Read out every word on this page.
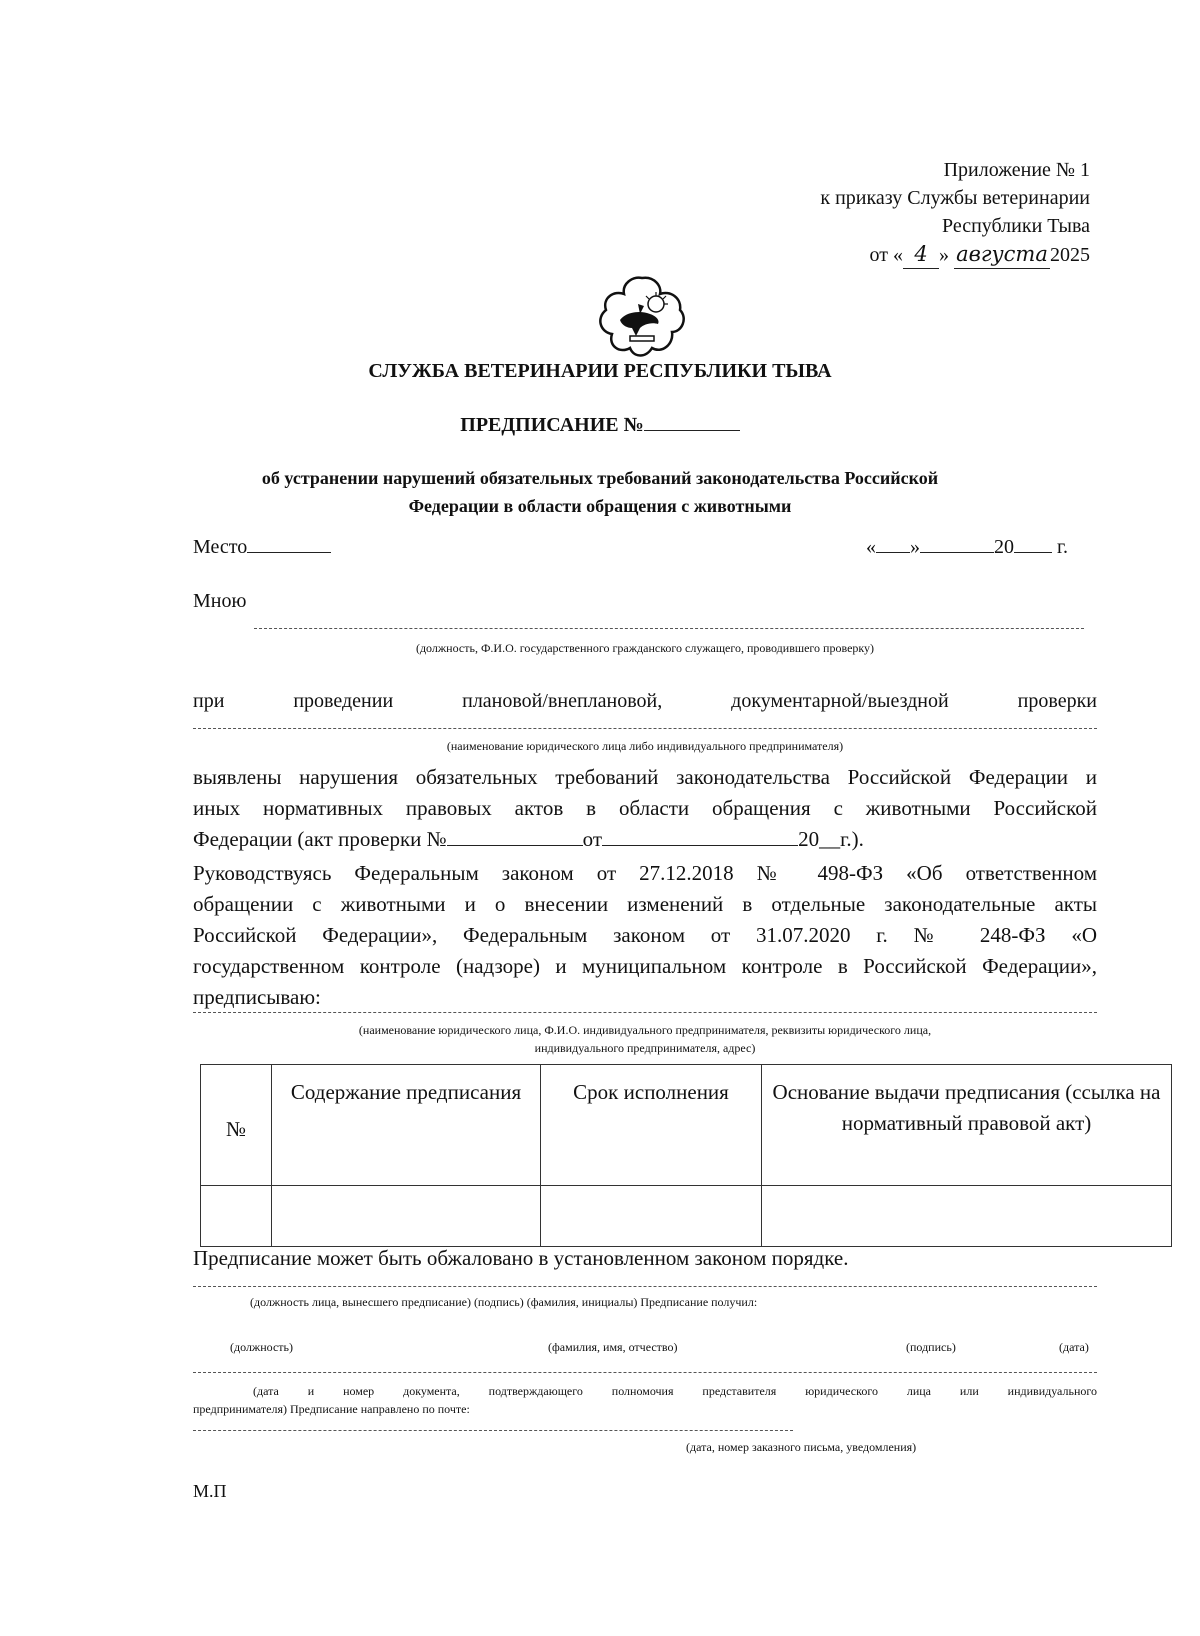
Приложение № 1
к приказу Службы ветеринарии
Республики Тыва
от « 4 » августа 2025
СЛУЖБА ВЕТЕРИНАРИИ РЕСПУБЛИКИ ТЫВА
ПРЕДПИСАНИЕ №
об устранении нарушений обязательных требований законодательства Российской
Федерации в области обращения с животными
Место	« »	20 г.
Мною
(должность, Ф.И.О. государственного гражданского служащего, проводившего проверку)
при проведении плановой/внеплановой, документарной/выездной проверки
(наименование юридического лица либо индивидуального предпринимателя)
выявлены нарушения обязательных требований законодательства Российской Федерации и
иных нормативных правовых актов в области обращения с животными Российской
Федерации (акт проверки №	от	20__г.).
Руководствуясь Федеральным законом от 27.12.2018 № 498-ФЗ «Об ответственном
обращении с животными и о внесении изменений в отдельные законодательные акты
Российской Федерации», Федеральным законом от 31.07.2020 г. № 248-ФЗ «О
государственном контроле (надзоре) и муниципальном контроле в Российской Федерации»,
предписываю:
(наименование юридического лица, Ф.И.О. индивидуального предпринимателя, реквизиты юридического лица,
индивидуального предпринимателя, адрес)
№	Содержание предписания	Срок исполнения	Основание выдачи предписания (ссылка на нормативный правовой акт)

Предписание может быть обжаловано в установленном законом порядке.
(должность лица, вынесшего предписание) (подпись) (фамилия, инициалы) Предписание получил:
(должность)	(фамилия, имя, отчество)	(подпись)	(дата)
(дата и номер документа, подтверждающего полномочия представителя юридического лица или индивидуального
предпринимателя) Предписание направлено по почте:
(дата, номер заказного письма, уведомления)
М.П
